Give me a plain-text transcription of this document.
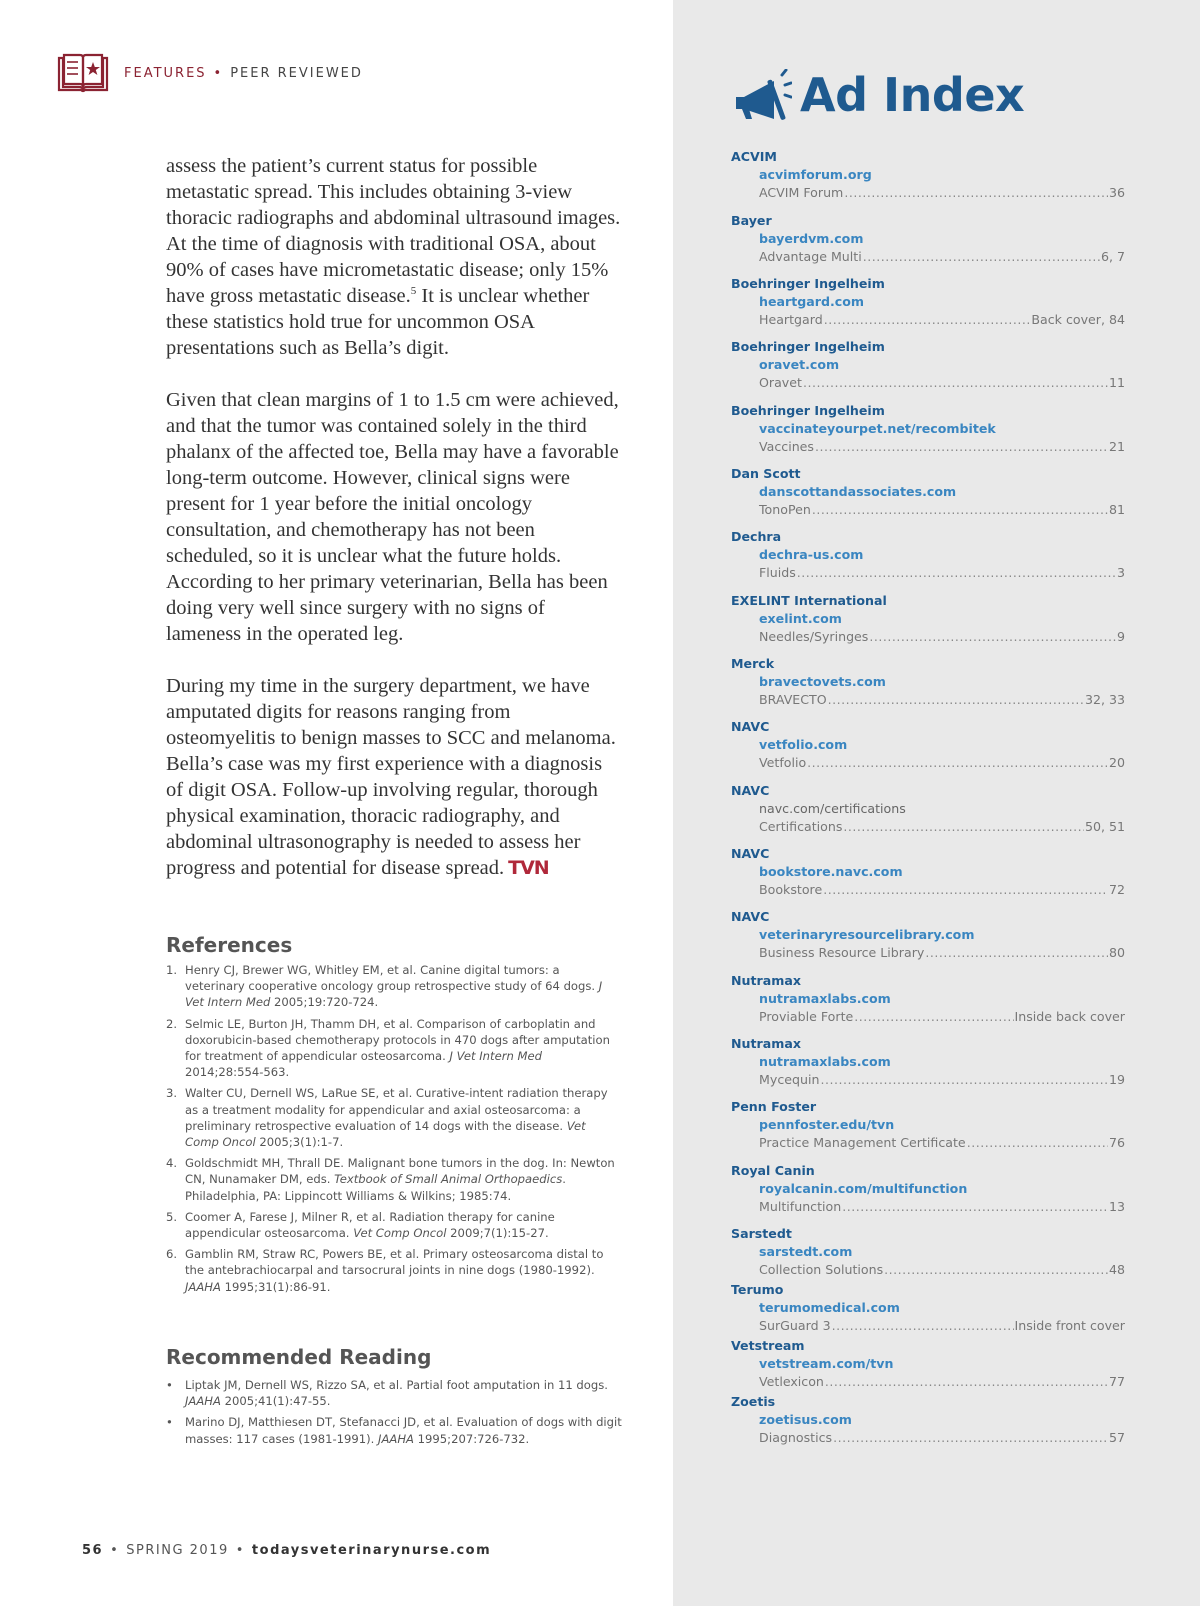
FEATURES • PEER REVIEWED

assess the patient’s current status for possible metastatic spread. This includes obtaining 3-view thoracic radiographs and abdominal ultrasound images. At the time of diagnosis with traditional OSA, about 90% of cases have micrometastatic disease; only 15% have gross metastatic disease.$^5$ It is unclear whether these statistics hold true for uncommon OSA presentations such as Bella’s digit.

Given that clean margins of 1 to 1.5 cm were achieved, and that the tumor was contained solely in the third phalanx of the affected toe, Bella may have a favorable long-term outcome. However, clinical signs were present for 1 year before the initial oncology consultation, and chemotherapy has not been scheduled, so it is unclear what the future holds. According to her primary veterinarian, Bella has been doing very well since surgery with no signs of lameness in the operated leg.

During my time in the surgery department, we have amputated digits for reasons ranging from osteomyelitis to benign masses to SCC and melanoma. Bella’s case was my first experience with a diagnosis of digit OSA. Follow-up involving regular, thorough physical examination, thoracic radiography, and abdominal ultrasonography is needed to assess her progress and potential for disease spread. TVN

References
1. Henry CJ, Brewer WG, Whitley EM, et al. Canine digital tumors: a veterinary cooperative oncology group retrospective study of 64 dogs. J Vet Intern Med 2005;19:720-724.
2. Selmic LE, Burton JH, Thamm DH, et al. Comparison of carboplatin and doxorubicin-based chemotherapy protocols in 470 dogs after amputation for treatment of appendicular osteosarcoma. J Vet Intern Med 2014;28:554-563.
3. Walter CU, Dernell WS, LaRue SE, et al. Curative-intent radiation therapy as a treatment modality for appendicular and axial osteosarcoma: a preliminary retrospective evaluation of 14 dogs with the disease. Vet Comp Oncol 2005;3(1):1-7.
4. Goldschmidt MH, Thrall DE. Malignant bone tumors in the dog. In: Newton CN, Nunamaker DM, eds. Textbook of Small Animal Orthopaedics. Philadelphia, PA: Lippincott Williams & Wilkins; 1985:74.
5. Coomer A, Farese J, Milner R, et al. Radiation therapy for canine appendicular osteosarcoma. Vet Comp Oncol 2009;7(1):15-27.
6. Gamblin RM, Straw RC, Powers BE, et al. Primary osteosarcoma distal to the antebrachiocarpal and tarsocrural joints in nine dogs (1980-1992). JAAHA 1995;31(1):86-91.
Recommended Reading
• Liptak JM, Dernell WS, Rizzo SA, et al. Partial foot amputation in 11 dogs. JAAHA 2005;41(1):47-55.
• Marino DJ, Matthiesen DT, Stefanacci JD, et al. Evaluation of dogs with digit masses: 117 cases (1981-1991). JAAHA 1995;207:726-732.
56 • SPRING 2019 • todaysveterinarynurse.com
Ad Index
ACVIM
acvimforum.org
ACVIM Forum .....	36
Bayer
bayerdvm.com
Advantage Multi .....	6, 7
Boehringer Ingelheim
heartgard.com
Heartgard .....	Back cover, 84
Boehringer Ingelheim
oravet.com
Oravet .....	11
Boehringer Ingelheim
vaccinateyourpet.net/recombitek
Vaccines .....	21
Dan Scott
danscottandassociates.com
TonoPen .....	81
Dechra
dechra-us.com
Fluids .....	3
EXELINT International
exelint.com
Needles/Syringes .....	9
Merck
bravectovets.com
BRAVECTO .....	32, 33
NAVC
vetfolio.com
Vetfolio .....	20
NAVC
navc.com/certifications
Certifications .....	50, 51
NAVC
bookstore.navc.com
Bookstore .....	72
NAVC
veterinaryresourcelibrary.com
Business Resource Library .....	80
Nutramax
nutramaxlabs.com
Proviable Forte .....	Inside back cover
Nutramax
nutramaxlabs.com
Mycequin .....	19
Penn Foster
pennfoster.edu/tvn
Practice Management Certificate .....	76
Royal Canin
royalcanin.com/multifunction
Multifunction .....	13
Sarstedt
sarstedt.com
Collection Solutions .....	48
Terumo
terumomedical.com
SurGuard 3 .....	Inside front cover
Vetstream
vetstream.com/tvn
Vetlexicon .....	77
Zoetis
zoetisus.com
Diagnostics .....	57
